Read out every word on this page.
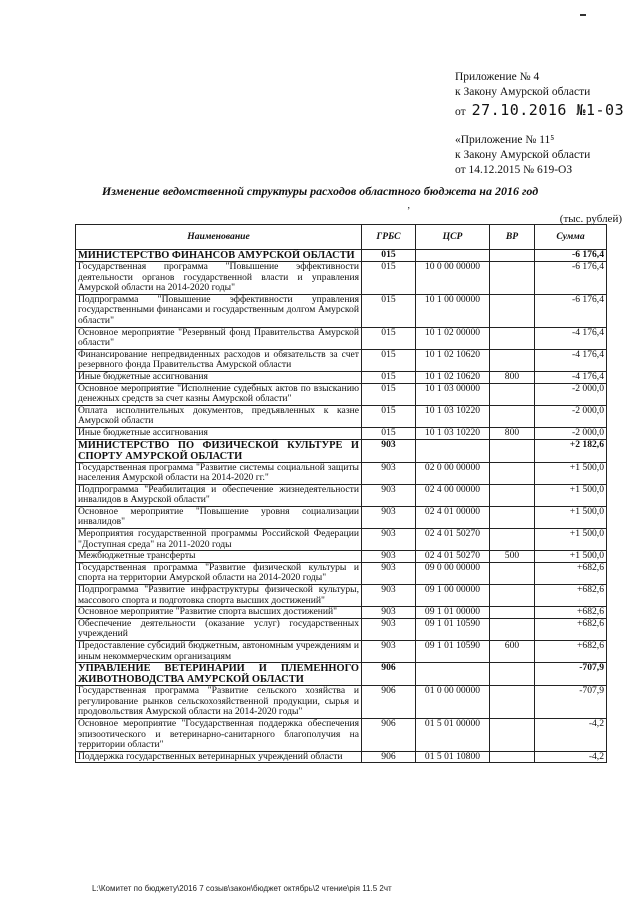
Приложение № 4
к Закону Амурской области
от 27.10.2016 №1-03
«Приложение № 11⁵
к Закону Амурской области
от 14.12.2015 № 619-ОЗ
Изменение ведомственной структуры расходов областного бюджета на 2016 год
’
(тыс. рублей)
Наименование	ГРБС	ЦСР	ВР	Сумма
МИНИСТЕРСТВО ФИНАНСОВ АМУРСКОЙ ОБЛАСТИ	015			-6 176,4
Государственная программа "Повышение эффективности деятельности органов государственной власти и управления Амурской области на 2014-2020 годы"	015	10 0 00 00000		-6 176,4
Подпрограмма "Повышение эффективности управления государственными финансами и государственным долгом Амурской области"	015	10 1 00 00000		-6 176,4
Основное мероприятие "Резервный фонд Правительства Амурской области"	015	10 1 02 00000		-4 176,4
Финансирование непредвиденных расходов и обязательств за счет резервного фонда Правительства Амурской области	015	10 1 02 10620		-4 176,4
Иные бюджетные ассигнования	015	10 1 02 10620	800	-4 176,4
Основное мероприятие "Исполнение судебных актов по взысканию денежных средств за счет казны Амурской области"	015	10 1 03 00000		-2 000,0
Оплата исполнительных документов, предъявленных к казне Амурской области	015	10 1 03 10220		-2 000,0
Иные бюджетные ассигнования	015	10 1 03 10220	800	-2 000,0
МИНИСТЕРСТВО ПО ФИЗИЧЕСКОЙ КУЛЬТУРЕ И СПОРТУ АМУРСКОЙ ОБЛАСТИ	903			+2 182,6
Государственная программа "Развитие системы социальной защиты населения Амурской области на 2014-2020 гг."	903	02 0 00 00000		+1 500,0
Подпрограмма "Реабилитация и обеспечение жизнедеятельности инвалидов в Амурской области"	903	02 4 00 00000		+1 500,0
Основное мероприятие "Повышение уровня социализации инвалидов"	903	02 4 01 00000		+1 500,0
Мероприятия государственной программы Российской Федерации "Доступная среда" на 2011-2020 годы	903	02 4 01 50270		+1 500,0
Межбюджетные трансферты	903	02 4 01 50270	500	+1 500,0
Государственная программа "Развитие физической культуры и спорта на территории Амурской области на 2014-2020 годы"	903	09 0 00 00000		+682,6
Подпрограмма "Развитие инфраструктуры физической культуры, массового спорта и подготовка спорта высших достижений"	903	09 1 00 00000		+682,6
Основное мероприятие "Развитие спорта высших достижений"	903	09 1 01 00000		+682,6
Обеспечение деятельности (оказание услуг) государственных учреждений	903	09 1 01 10590		+682,6
Предоставление субсидий бюджетным, автономным учреждениям и иным некоммерческим организациям	903	09 1 01 10590	600	+682,6
УПРАВЛЕНИЕ ВЕТЕРИНАРИИ И ПЛЕМЕННОГО ЖИВОТНОВОДСТВА АМУРСКОЙ ОБЛАСТИ	906			-707,9
Государственная программа "Развитие сельского хозяйства и регулирование рынков сельскохозяйственной продукции, сырья и продовольствия Амурской области на 2014-2020 годы"	906	01 0 00 00000		-707,9
Основное мероприятие "Государственная поддержка обеспечения эпизоотического и ветеринарно-санитарного благополучия на территории области"	906	01 5 01 00000		-4,2
Поддержка государственных ветеринарных учреждений области	906	01 5 01 10800		-4,2
L:\Комитет по бюджету\2016 7 созыв\закон\бюджет октябрь\2 чтение\рiя 11.5 2чт
